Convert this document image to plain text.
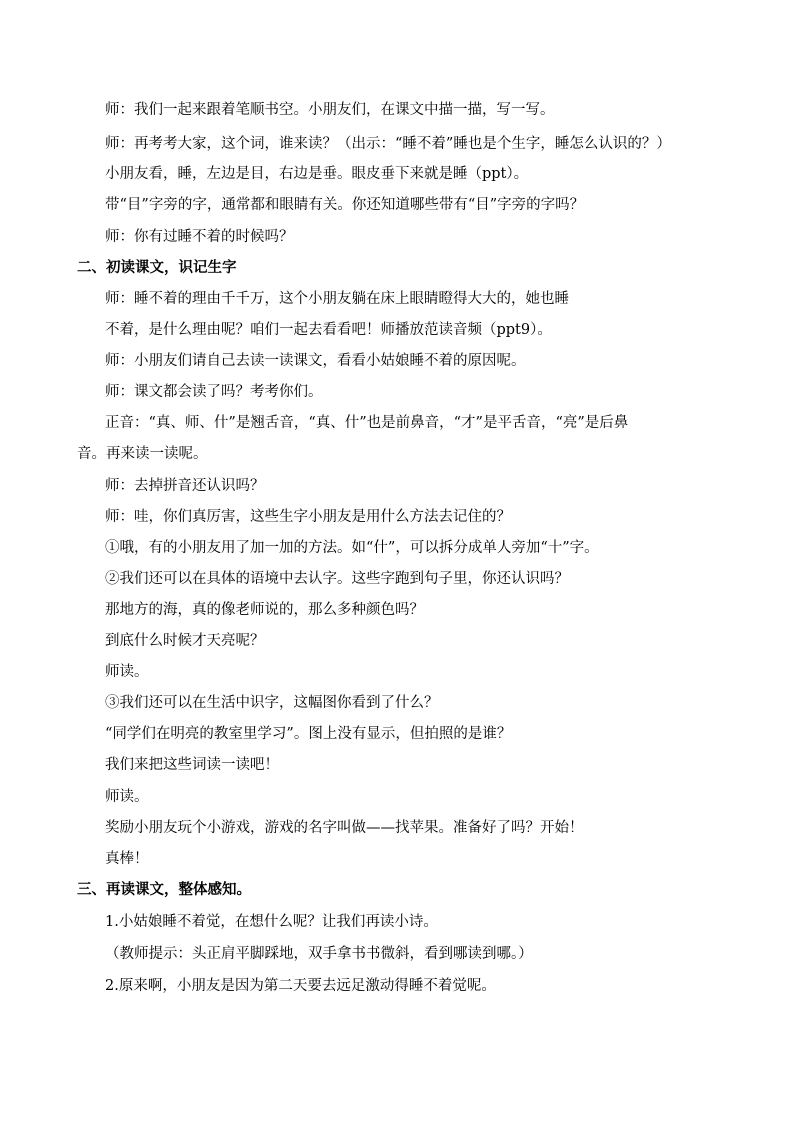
师：我们一起来跟着笔顺书空。小朋友们，在课文中描一描，写一写。
师：再考考大家，这个词，谁来读？（出示：“睡不着”睡也是个生字，睡怎么认识的？）
小朋友看，睡，左边是目，右边是垂。眼皮垂下来就是睡（ppt）。
带“目”字旁的字，通常都和眼睛有关。你还知道哪些带有“目”字旁的字吗？
师：你有过睡不着的时候吗？
二、初读课文，识记生字
师：睡不着的理由千千万，这个小朋友躺在床上眼睛瞪得大大的，她也睡
不着，是什么理由呢？咱们一起去看看吧！师播放范读音频（ppt9）。
师：小朋友们请自己去读一读课文，看看小姑娘睡不着的原因呢。
师：课文都会读了吗？考考你们。
正音：“真、师、什”是翘舌音，“真、什”也是前鼻音，“才”是平舌音，“亮”是后鼻
音。再来读一读呢。
师：去掉拼音还认识吗？
师：哇，你们真厉害，这些生字小朋友是用什么方法去记住的？
①哦，有的小朋友用了加一加的方法。如“什”，可以拆分成单人旁加“十”字。
②我们还可以在具体的语境中去认字。这些字跑到句子里，你还认识吗？
那地方的海，真的像老师说的，那么多种颜色吗？
到底什么时候才天亮呢？
师读。
③我们还可以在生活中识字，这幅图你看到了什么？
“同学们在明亮的教室里学习”。图上没有显示，但拍照的是谁？
我们来把这些词读一读吧！
师读。
奖励小朋友玩个小游戏，游戏的名字叫做——找苹果。准备好了吗？开始！
真棒！
三、再读课文，整体感知。
1.小姑娘睡不着觉，在想什么呢？让我们再读小诗。
（教师提示：头正肩平脚踩地，双手拿书书微斜，看到哪读到哪。）
2.原来啊，小朋友是因为第二天要去远足激动得睡不着觉呢。
